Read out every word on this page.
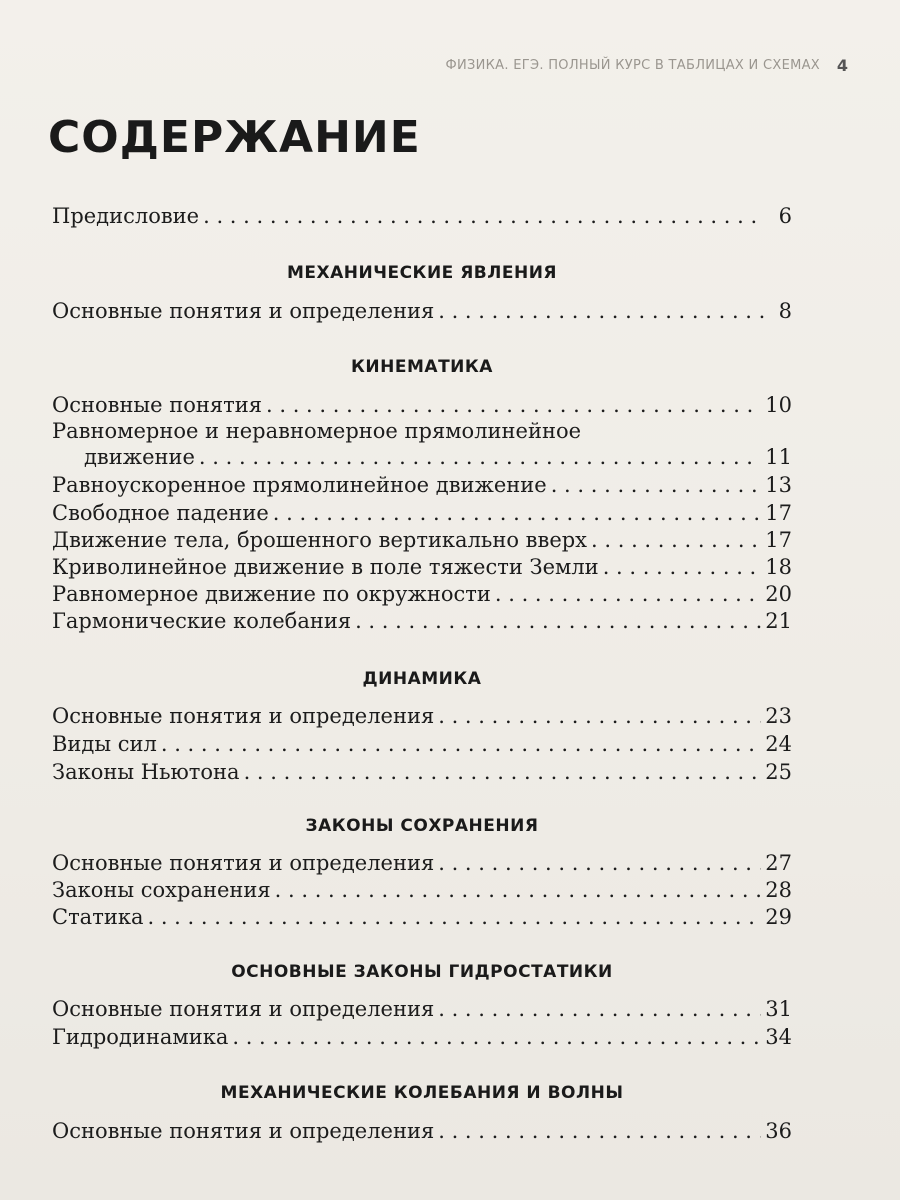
ФИЗИКА. ЕГЭ. ПОЛНЫЙ КУРС В ТАБЛИЦАХ И СХЕМАХ 4
СОДЕРЖАНИЕ
Предисловие . . .	6
МЕХАНИЧЕСКИЕ ЯВЛЕНИЯ
Основные понятия и определения . . .	8
КИНЕМАТИКА
Основные понятия . . .	10
Равномерное и неравномерное прямолинейное
движение . . .	11
Равноускоренное прямолинейное движение . . .	13
Свободное падение . . .	17
Движение тела, брошенного вертикально вверх . . .	17
Криволинейное движение в поле тяжести Земли . . .	18
Равномерное движение по окружности . . .	20
Гармонические колебания . . .	21
ДИНАМИКА
Основные понятия и определения . . .	23
Виды сил . . .	24
Законы Ньютона . . .	25
ЗАКОНЫ СОХРАНЕНИЯ
Основные понятия и определения . . .	27
Законы сохранения . . .	28
Статика . . .	29
ОСНОВНЫЕ ЗАКОНЫ ГИДРОСТАТИКИ
Основные понятия и определения . . .	31
Гидродинамика . . .	34
МЕХАНИЧЕСКИЕ КОЛЕБАНИЯ И ВОЛНЫ
Основные понятия и определения . . .	36
